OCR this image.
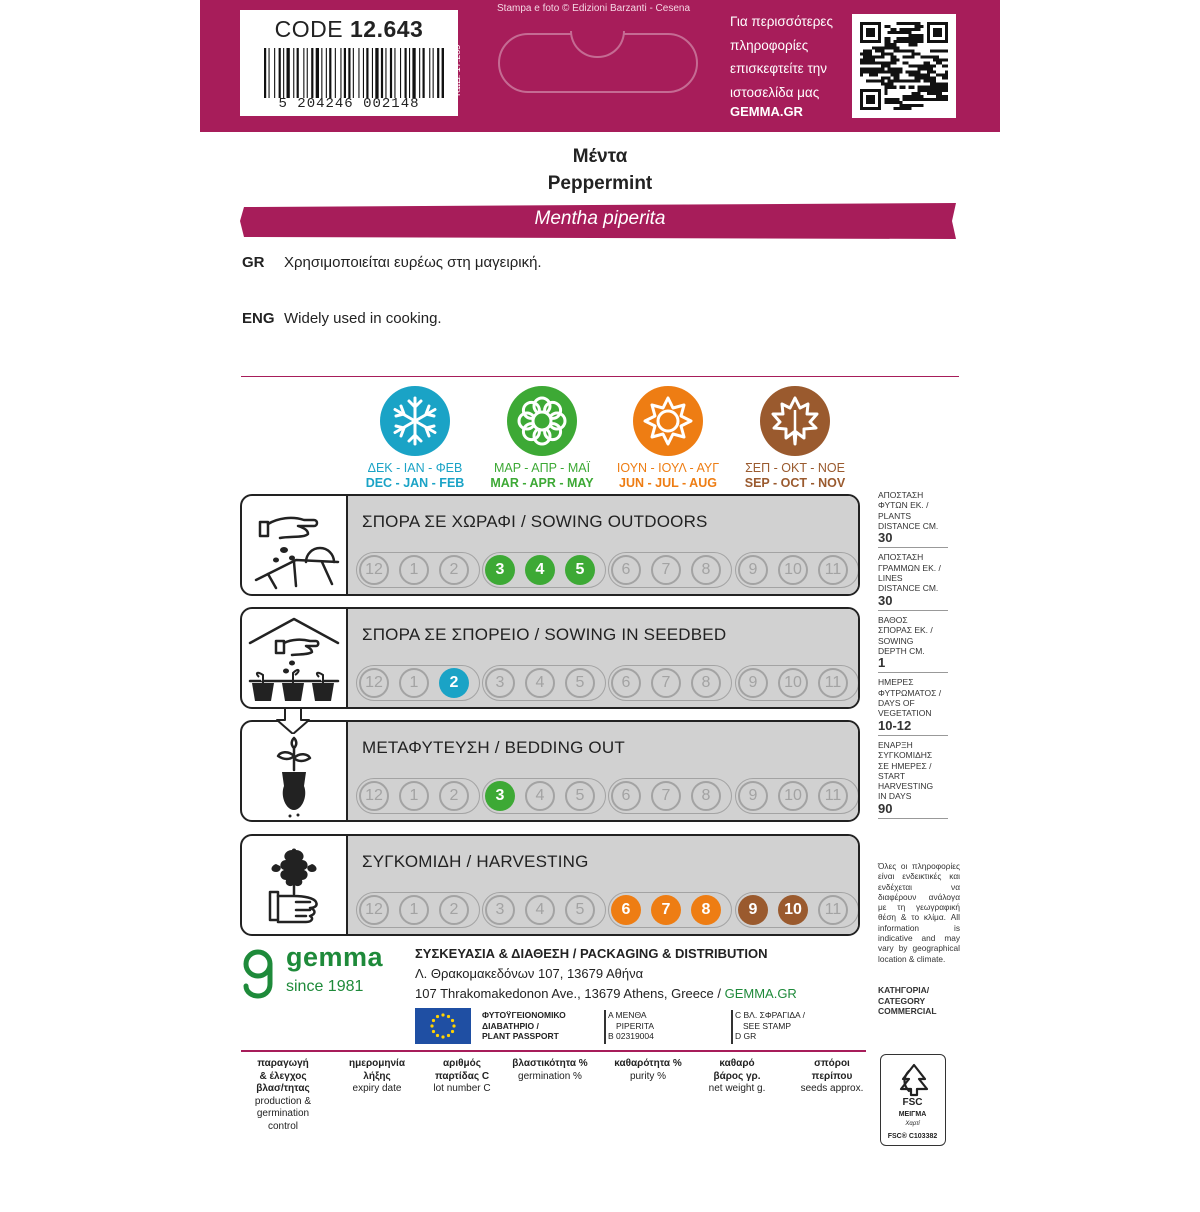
CODE 12.643
5 204246 002148
ΚΩΔ. 17.285
Stampa e foto © Edizioni Barzanti - Cesena
Για περισσότερες
πληροφορίες
επισκεφτείτε την
ιστοσελίδα μας
GEMMA.GR
Μέντα
Peppermint
Mentha piperita
GR Χρησιμοποιείται ευρέως στη μαγειρική.
ENG Widely used in cooking.
ΔΕΚ - ΙΑΝ - ΦΕΒ
DEC - JAN - FEB
ΜΑΡ - ΑΠΡ - ΜΑΪ
MAR - APR - MAY
ΙΟΥΝ - ΙΟΥΛ - ΑΥΓ
JUN - JUL - AUG
ΣΕΠ - ΟΚΤ - ΝΟΕ
SEP - OCT - NOV
ΣΠΟΡΑ ΣΕ ΧΩΡΑΦΙ / SOWING OUTDOORS
12	1	2	3	4	5	6	7	8	9	10	11
ΣΠΟΡΑ ΣΕ ΣΠΟΡΕΙΟ / SOWING IN SEEDBED
12	1	2	3	4	5	6	7	8	9	10	11
ΜΕΤΑΦΥΤΕΥΣΗ / BEDDING OUT
12	1	2	3	4	5	6	7	8	9	10	11
ΣΥΓΚΟΜΙΔΗ / HARVESTING
12	1	2	3	4	5	6	7	8	9	10	11
ΑΠΟΣΤΑΣΗ
ΦΥΤΩΝ ΕΚ. /
PLANTS
DISTANCE CM.
30
ΑΠΟΣΤΑΣΗ
ΓΡΑΜΜΩΝ ΕΚ. /
LINES
DISTANCE CM.
30
ΒΑΘΟΣ
ΣΠΟΡΑΣ ΕΚ. /
SOWING
DEPTH CM.
1
ΗΜΕΡΕΣ
ΦΥΤΡΩΜΑΤΟΣ /
DAYS OF
VEGETATION
10-12
ΕΝΑΡΞΗ
ΣΥΓΚΟΜΙΔΗΣ
ΣΕ ΗΜΕΡΕΣ /
START
HARVESTING
IN DAYS
90
Όλες οι πληροφορίες είναι ενδεικτικές και ενδέχεται να διαφέρουν ανάλογα με τη γεωγραφική θέση & το κλίμα. All information is indicative and may vary by geographical location & climate.
ΚΑΤΗΓΟΡΙΑ/
CATEGORY
COMMERCIAL
gemma
since 1981
ΣΥΣΚΕΥΑΣΙΑ & ΔΙΑΘΕΣΗ / PACKAGING & DISTRIBUTION
Λ. Θρακομακεδόνων 107, 13679 Αθήνα
107 Thrakomakedonon Ave., 13679 Athens, Greece / GEMMA.GR
ΦΥΤΟΫΓΕΙΟΝΟΜΙΚΟ
ΔΙΑΒΑΤΗΡΙΟ /
PLANT PASSPORT
A ΜΕΝΘΑ
PIPERITA
B 02319004
C ΒΛ. ΣΦΡΑΓΙΔΑ /
SEE STAMP
D GR
FSC
ΜΕΙΓΜΑ
Χαρτί
FSC® C103382
παραγωγή
& έλεγχος
βλασ/τητας
production &
germination
control
ημερομηνία
λήξης
expiry date
αριθμός
παρτίδας C
lot number C
βλαστικότητα %
germination %
καθαρότητα %
purity %
καθαρό
βάρος γρ.
net weight g.
σπόροι
περίπου
seeds approx.
